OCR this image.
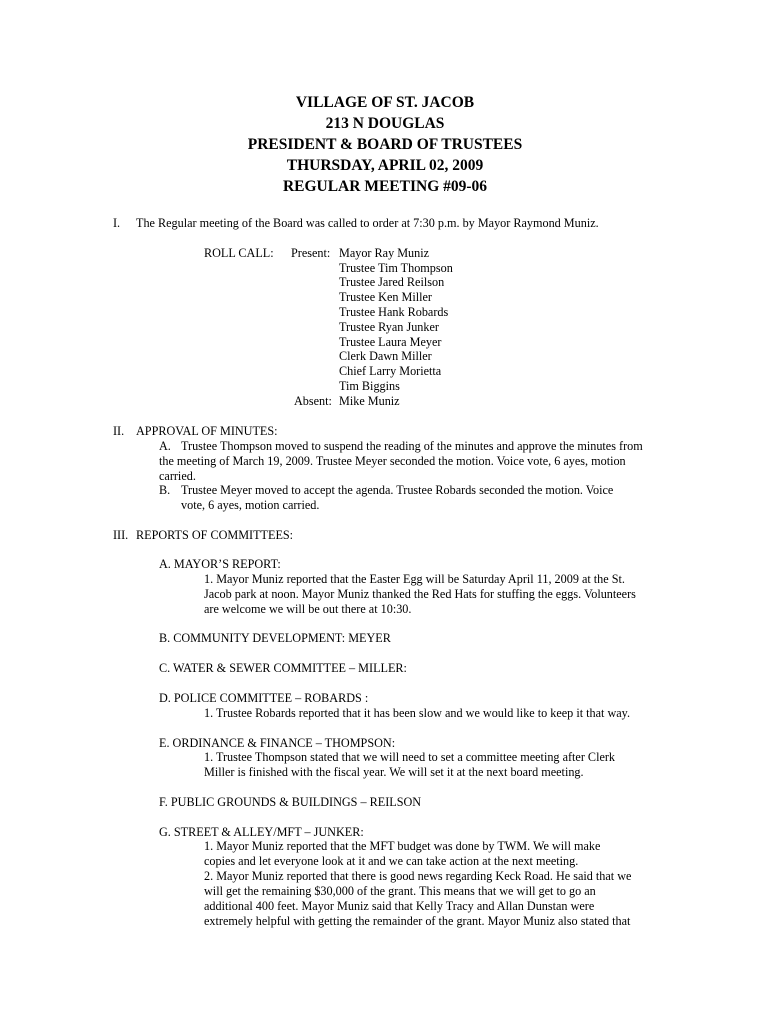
VILLAGE OF ST. JACOB
213 N DOUGLAS
PRESIDENT & BOARD OF TRUSTEES
THURSDAY, APRIL 02, 2009
REGULAR MEETING #09-06
I. The Regular meeting of the Board was called to order at 7:30 p.m. by Mayor Raymond Muniz.
ROLL CALL: Present: Mayor Ray Muniz
Trustee Tim Thompson
Trustee Jared Reilson
Trustee Ken Miller
Trustee Hank Robards
Trustee Ryan Junker
Trustee Laura Meyer
Clerk Dawn Miller
Chief Larry Morietta
Tim Biggins
Absent: Mike Muniz
II. APPROVAL OF MINUTES:
A. Trustee Thompson moved to suspend the reading of the minutes and approve the minutes from
the meeting of March 19, 2009. Trustee Meyer seconded the motion. Voice vote, 6 ayes, motion
carried.
B. Trustee Meyer moved to accept the agenda. Trustee Robards seconded the motion. Voice
vote, 6 ayes, motion carried.
III. REPORTS OF COMMITTEES:
A. MAYOR’S REPORT:
1. Mayor Muniz reported that the Easter Egg will be Saturday April 11, 2009 at the St.
Jacob park at noon. Mayor Muniz thanked the Red Hats for stuffing the eggs. Volunteers
are welcome we will be out there at 10:30.
B. COMMUNITY DEVELOPMENT: MEYER
C. WATER & SEWER COMMITTEE – MILLER:
D. POLICE COMMITTEE – ROBARDS :
1. Trustee Robards reported that it has been slow and we would like to keep it that way.
E. ORDINANCE & FINANCE – THOMPSON:
1. Trustee Thompson stated that we will need to set a committee meeting after Clerk
Miller is finished with the fiscal year. We will set it at the next board meeting.
F. PUBLIC GROUNDS & BUILDINGS – REILSON
G. STREET & ALLEY/MFT – JUNKER:
1. Mayor Muniz reported that the MFT budget was done by TWM. We will make
copies and let everyone look at it and we can take action at the next meeting.
2. Mayor Muniz reported that there is good news regarding Keck Road. He said that we
will get the remaining $30,000 of the grant. This means that we will get to go an
additional 400 feet. Mayor Muniz said that Kelly Tracy and Allan Dunstan were
extremely helpful with getting the remainder of the grant. Mayor Muniz also stated that
